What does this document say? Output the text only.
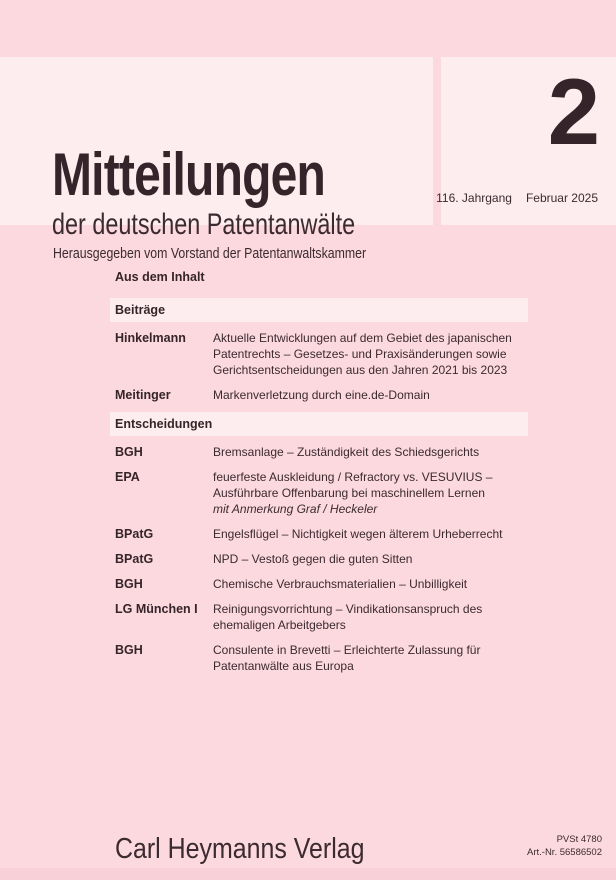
Mitteilungen
der deutschen Patentanwälte
Herausgegeben vom Vorstand der Patentanwaltskammer
2
116. Jahrgang Februar 2025
Aus dem Inhalt
Beiträge
Hinkelmann	Aktuelle Entwicklungen auf dem Gebiet des japanischen Patentrechts – Gesetzes- und Praxisänderungen sowie Gerichtsentscheidungen aus den Jahren 2021 bis 2023
Meitinger	Markenverletzung durch eine.de-Domain
Entscheidungen
BGH	Bremsanlage – Zuständigkeit des Schiedsgerichts
EPA	feuerfeste Auskleidung / Refractory vs. VESUVIUS – Ausführbare Offenbarung bei maschinellem Lernen
mit Anmerkung Graf / Heckeler
BPatG	Engelsflügel – Nichtigkeit wegen älterem Urheberrecht
BPatG	NPD – Vestoß gegen die guten Sitten
BGH	Chemische Verbrauchsmaterialien – Unbilligkeit
LG München I	Reinigungsvorrichtung – Vindikationsanspruch des ehemaligen Arbeitgebers
BGH	Consulente in Brevetti – Erleichterte Zulassung für Patentanwälte aus Europa
Carl Heymanns Verlag	PVSt 4780
Art.-Nr. 56586502
